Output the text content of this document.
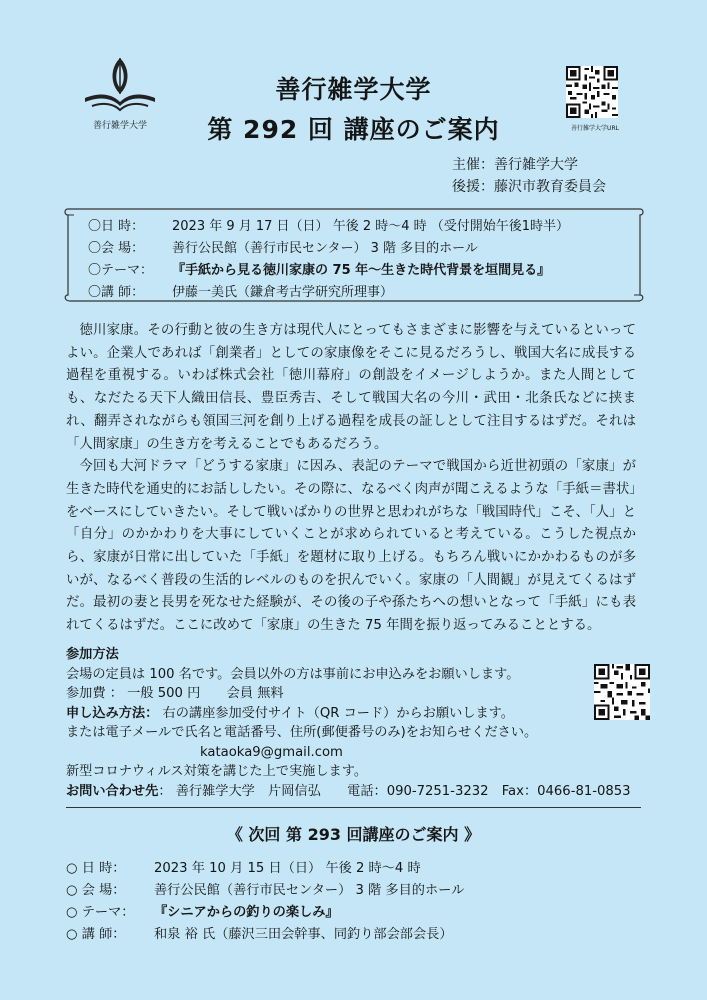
善行雑学大学
善行雑学大学
第 292 回 講座のご案内	善行雑学大学URL
主催：善行雑学大学
後援：藤沢市教育委員会
〇日 時：	2023 年 9 月 17 日（日） 午後 2 時〜4 時 （受付開始午後1時半）
〇会 場：	善行公民館（善行市民センター） 3 階 多目的ホール
〇テーマ：	『手紙から見る徳川家康の 75 年〜生きた時代背景を垣間見る』
〇講 師：	伊藤一美氏（鎌倉考古学研究所理事）

徳川家康。その行動と彼の生き方は現代人にとってもさまざまに影響を与えているといってよい。企業人であれば「創業者」としての家康像をそこに見るだろうし、戦国大名に成長する過程を重視する。いわば株式会社「徳川幕府」の創設をイメージしようか。また人間としても、なだたる天下人織田信長、豊臣秀吉、そして戦国大名の今川・武田・北条氏などに挟まれ、翻弄されながらも領国三河を創り上げる過程を成長の証しとして注目するはずだ。それは「人間家康」の生き方を考えることでもあるだろう。

今回も大河ドラマ「どうする家康」に因み、表記のテーマで戦国から近世初頭の「家康」が生きた時代を通史的にお話ししたい。その際に、なるべく肉声が聞こえるような「手紙＝書状」をベースにしていきたい。そして戦いばかりの世界と思われがちな「戦国時代」こそ、「人」と「自分」のかかわりを大事にしていくことが求められていると考えている。こうした視点から、家康が日常に出していた「手紙」を題材に取り上げる。もちろん戦いにかかわるものが多いが、なるべく普段の生活的レベルのものを択んでいく。家康の「人間観」が見えてくるはずだ。最初の妻と長男を死なせた経験が、その後の子や孫たちへの想いとなって「手紙」にも表れてくるはずだ。ここに改めて「家康」の生きた 75 年間を振り返ってみることとする。

参加方法
会場の定員は 100 名です。会員以外の方は事前にお申込みをお願いします。
参加費 ： 一般 500 円　　会員 無料
申し込み方法： 右の講座参加受付サイト（QR コード）からお願いします。
または電子メールで氏名と電話番号、住所(郵便番号のみ)をお知らせください。
kataoka9@gmail.com
新型コロナウィルス対策を講じた上で実施します。
お問い合わせ先： 善行雑学大学　片岡信弘　　電話：090-7251-3232　Fax：0466-81-0853
《 次回 第 293 回講座のご案内 》
○ 日 時：	2023 年 10 月 15 日（日） 午後 2 時〜4 時
○ 会 場：	善行公民館（善行市民センター） 3 階 多目的ホール
○ テーマ：	『シニアからの釣りの楽しみ』
○ 講 師：	和泉 裕 氏（藤沢三田会幹事、同釣り部会部会長）
